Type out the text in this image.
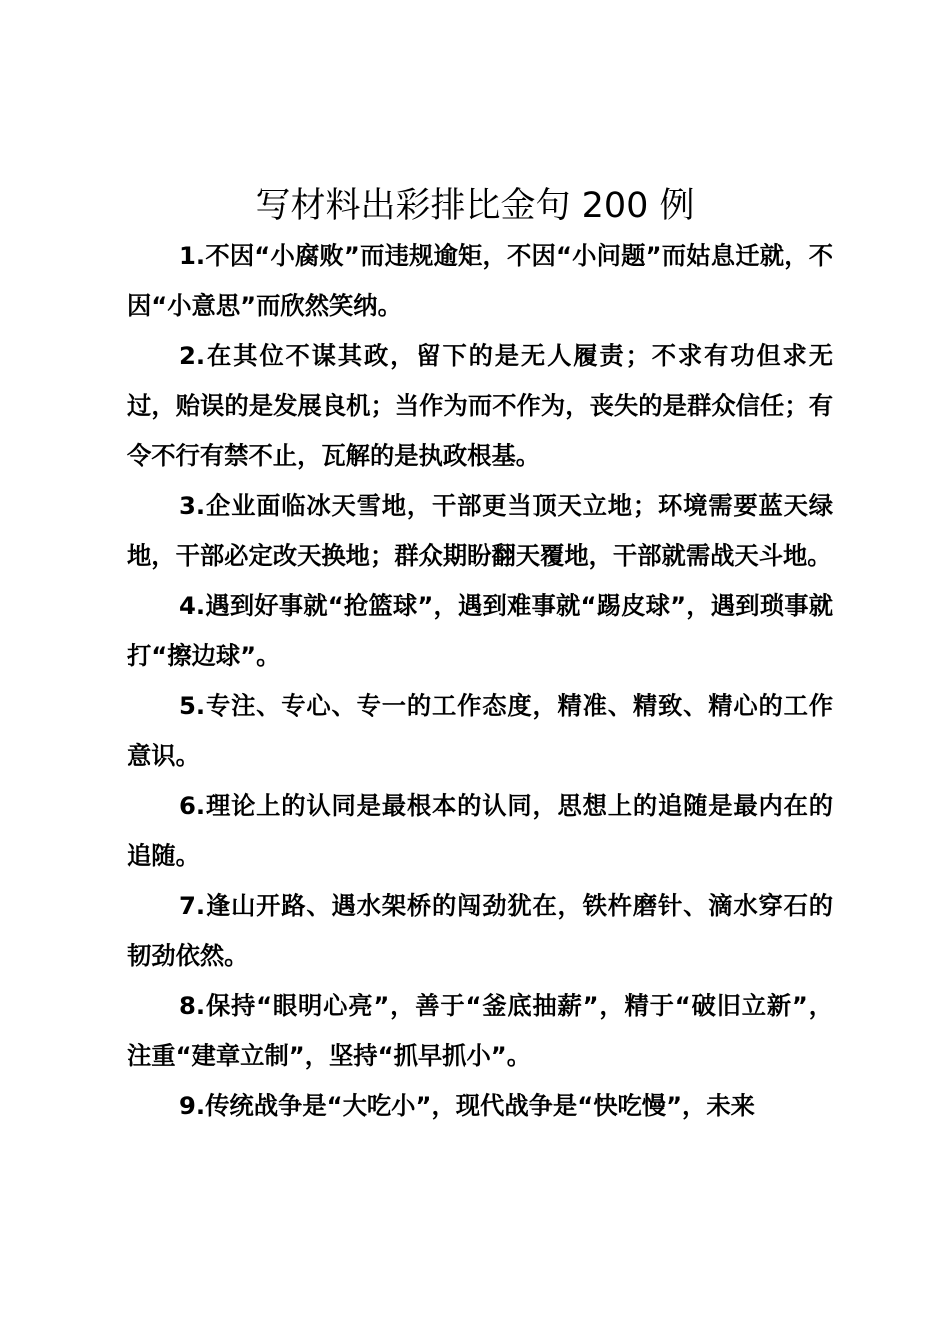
写材料出彩排比金句 200 例

1.不因“小腐败”而违规逾矩，不因“小问题”而姑息迁就，不因“小意思”而欣然笑纳。

2.在其位不谋其政，留下的是无人履责；不求有功但求无过，贻误的是发展良机；当作为而不作为，丧失的是群众信任；有令不行有禁不止，瓦解的是执政根基。

3.企业面临冰天雪地，干部更当顶天立地；环境需要蓝天绿地，干部必定改天换地；群众期盼翻天覆地，干部就需战天斗地。

4.遇到好事就“抢篮球”，遇到难事就“踢皮球”，遇到琐事就打“擦边球”。

5.专注、专心、专一的工作态度，精准、精致、精心的工作意识。

6.理论上的认同是最根本的认同，思想上的追随是最内在的追随。

7.逢山开路、遇水架桥的闯劲犹在，铁杵磨针、滴水穿石的韧劲依然。

8.保持“眼明心亮”，善于“釜底抽薪”，精于“破旧立新”，注重“建章立制”，坚持“抓早抓小”。

9.传统战争是“大吃小”，现代战争是“快吃慢”，未来
